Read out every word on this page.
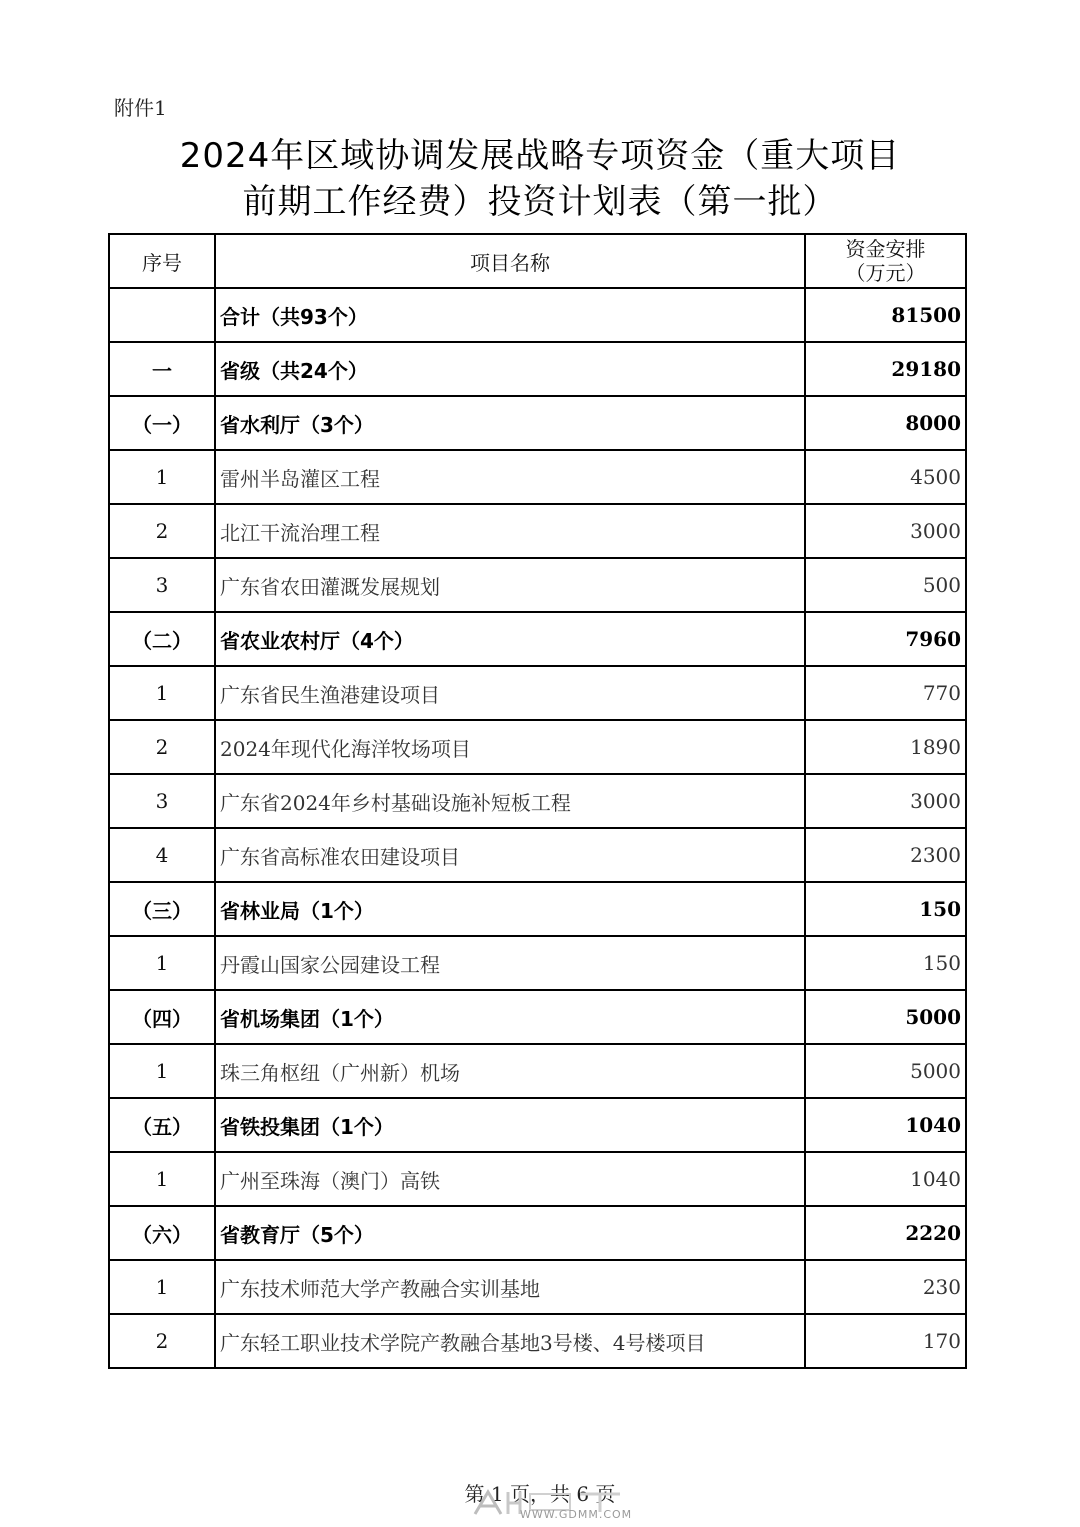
附件1
2024年区域协调发展战略专项资金（重大项目
前期工作经费）投资计划表（第一批）
序号	项目名称	资金安排
（万元）

	合计（共93个）	81500
一	省级（共24个）	29180
（一）	省水利厅（3个）	8000
1	雷州半岛灌区工程	4500
2	北江干流治理工程	3000
3	广东省农田灌溉发展规划	500
（二）	省农业农村厅（4个）	7960
1	广东省民生渔港建设项目	770
2	2024年现代化海洋牧场项目	1890
3	广东省2024年乡村基础设施补短板工程	3000
4	广东省高标准农田建设项目	2300
（三）	省林业局（1个）	150
1	丹霞山国家公园建设工程	150
（四）	省机场集团（1个）	5000
1	珠三角枢纽（广州新）机场	5000
（五）	省铁投集团（1个）	1040
1	广州至珠海（澳门）高铁	1040
（六）	省教育厅（5个）	2220
1	广东技术师范大学产教融合实训基地	230
2	广东轻工职业技术学院产教融合基地3号楼、4号楼项目	170
第 1 页，共 6 页
WWW.GDMM.COM
